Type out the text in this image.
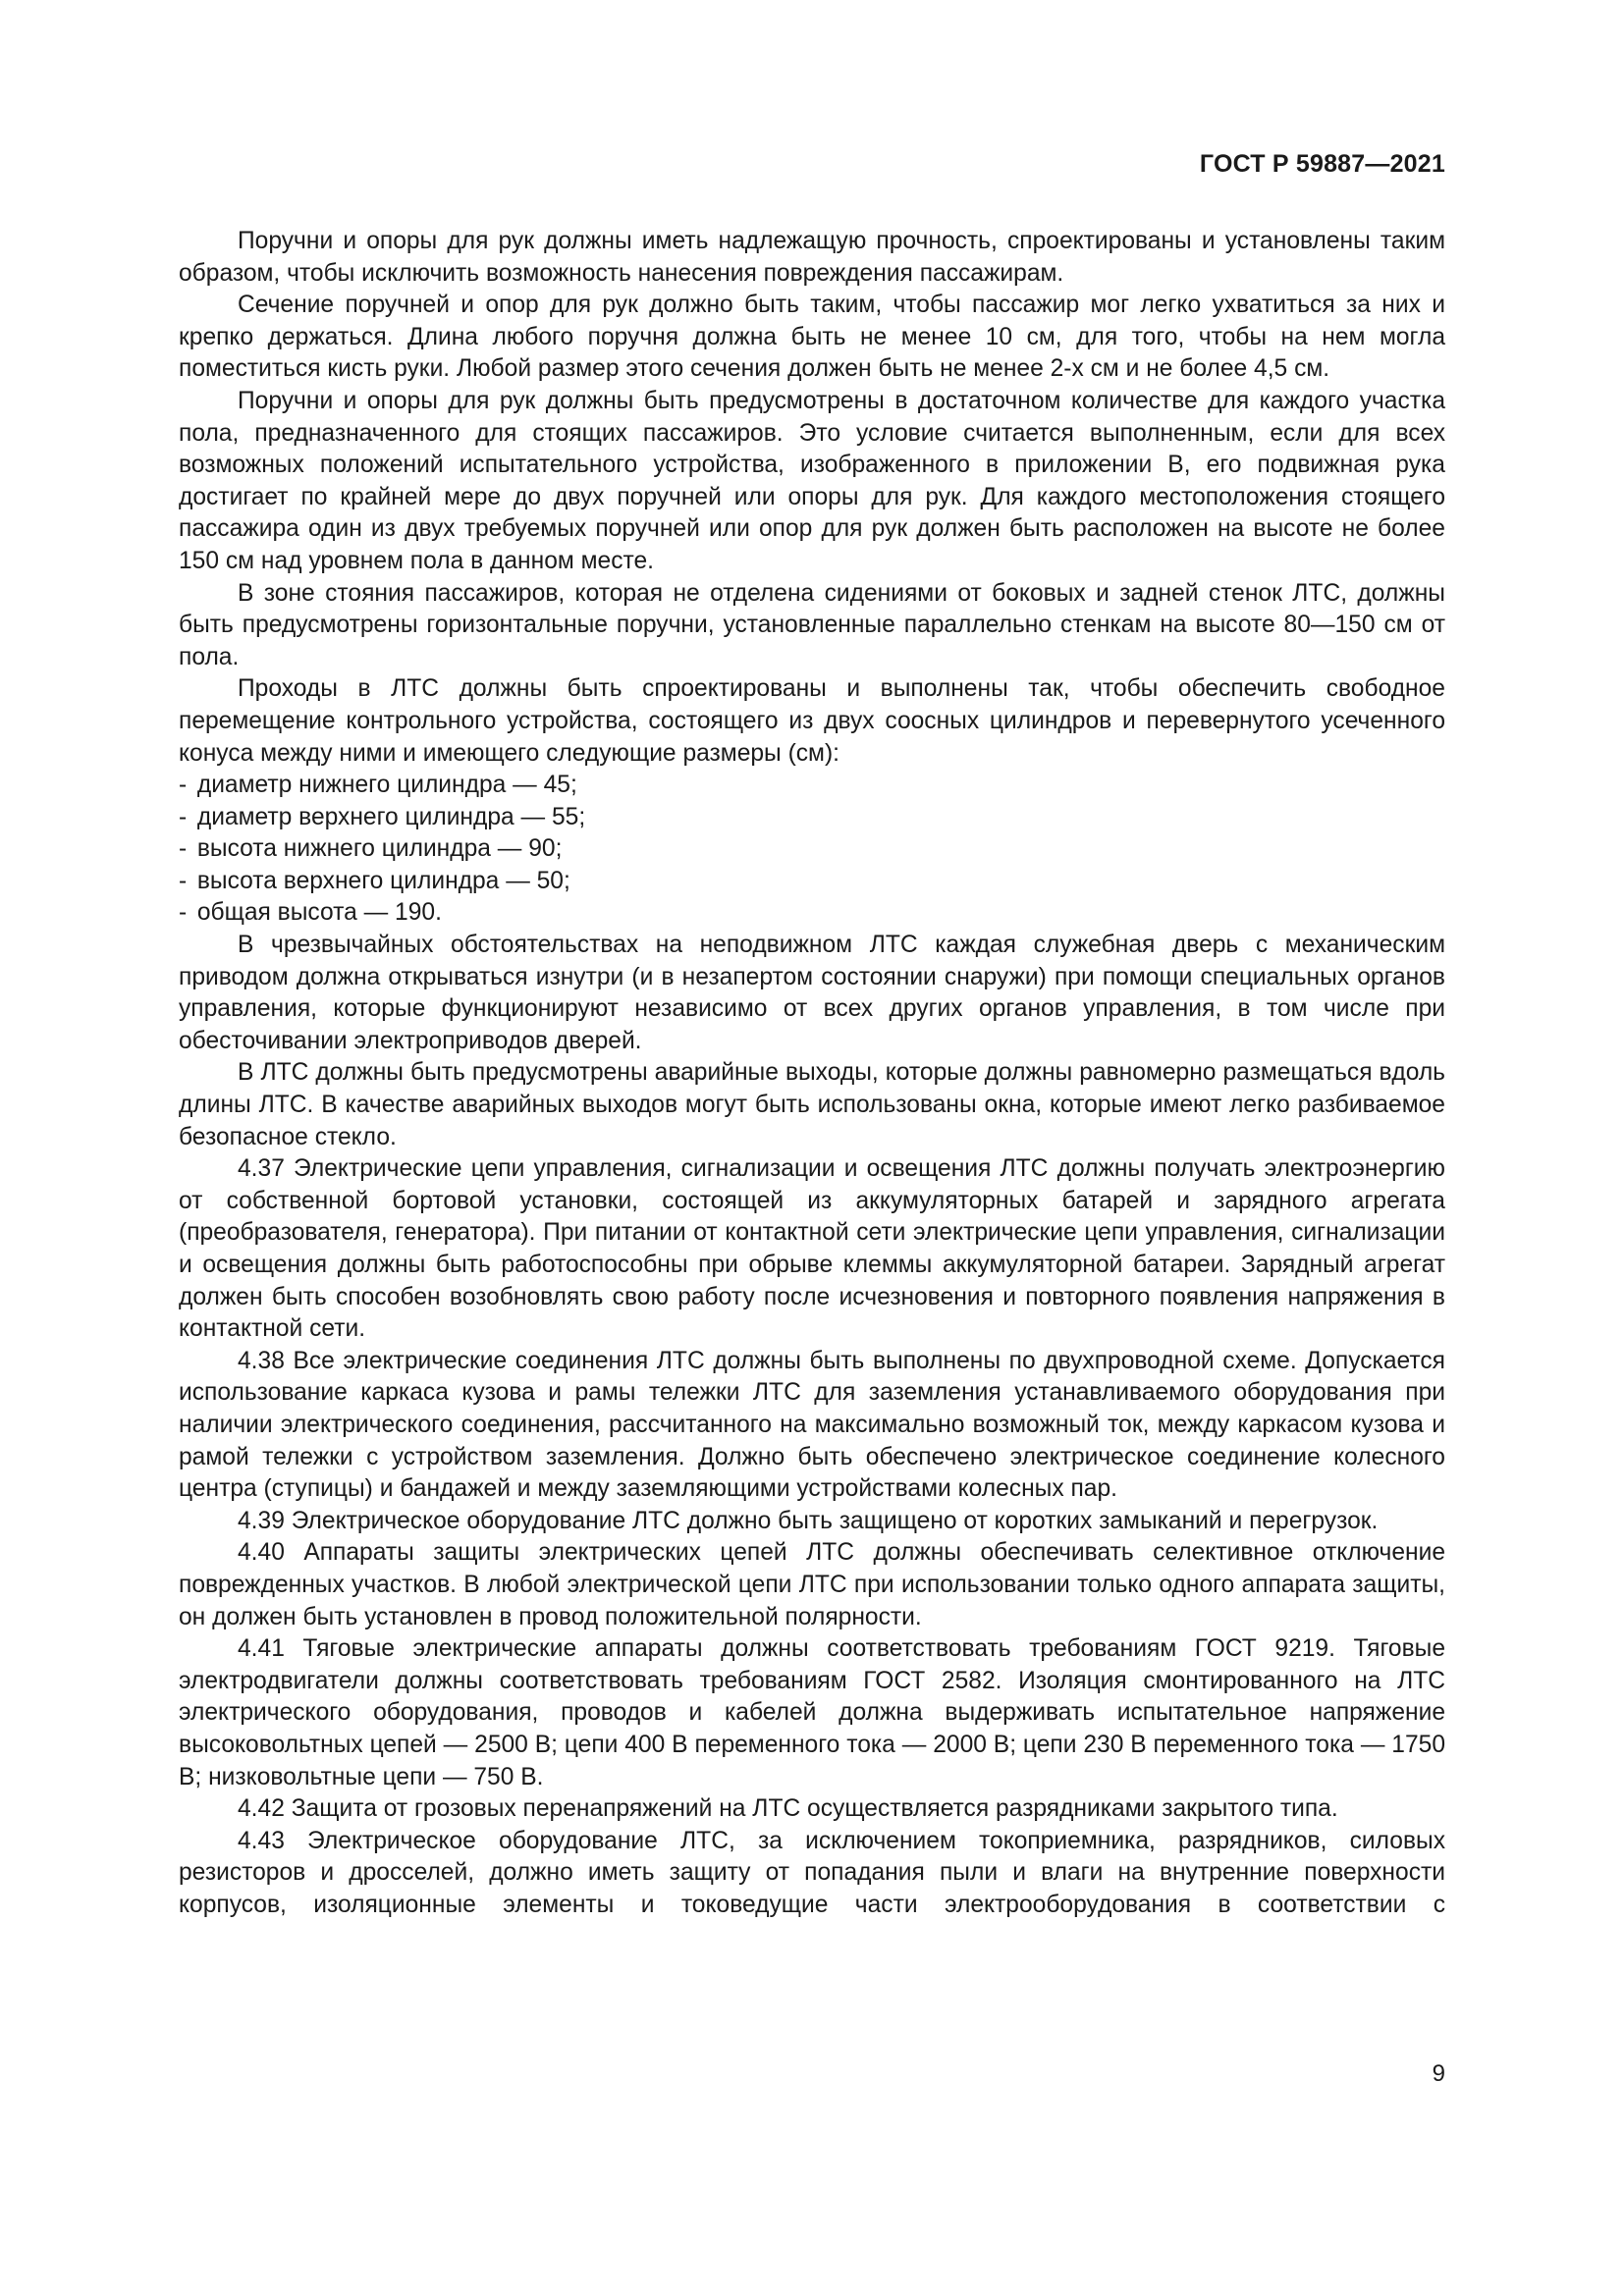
ГОСТ Р 59887—2021

Поручни и опоры для рук должны иметь надлежащую прочность, спроектированы и установлены таким образом, чтобы исключить возможность нанесения повреждения пассажирам.

Сечение поручней и опор для рук должно быть таким, чтобы пассажир мог легко ухватиться за них и крепко держаться. Длина любого поручня должна быть не менее 10 см, для того, чтобы на нем могла поместиться кисть руки. Любой размер этого сечения должен быть не менее 2-х см и не более 4,5 см.

Поручни и опоры для рук должны быть предусмотрены в достаточном количестве для каждого участка пола, предназначенного для стоящих пассажиров. Это условие считается выполненным, если для всех возможных положений испытательного устройства, изображенного в приложении В, его подвижная рука достигает по крайней мере до двух поручней или опоры для рук. Для каждого местоположения стоящего пассажира один из двух требуемых поручней или опор для рук должен быть расположен на высоте не более 150 см над уровнем пола в данном месте.

В зоне стояния пассажиров, которая не отделена сидениями от боковых и задней стенок ЛТС, должны быть предусмотрены горизонтальные поручни, установленные параллельно стенкам на высоте 80—150 см от пола.

Проходы в ЛТС должны быть спроектированы и выполнены так, чтобы обеспечить свободное перемещение контрольного устройства, состоящего из двух соосных цилиндров и перевернутого усеченного конуса между ними и имеющего следующие размеры (см):

- диаметр нижнего цилиндра — 45;
- диаметр верхнего цилиндра — 55;
- высота нижнего цилиндра — 90;
- высота верхнего цилиндра — 50;
- общая высота — 190.

В чрезвычайных обстоятельствах на неподвижном ЛТС каждая служебная дверь с механическим приводом должна открываться изнутри (и в незапертом состоянии снаружи) при помощи специальных органов управления, которые функционируют независимо от всех других органов управления, в том числе при обесточивании электроприводов дверей.

В ЛТС должны быть предусмотрены аварийные выходы, которые должны равномерно размещаться вдоль длины ЛТС. В качестве аварийных выходов могут быть использованы окна, которые имеют легко разбиваемое безопасное стекло.

4.37 Электрические цепи управления, сигнализации и освещения ЛТС должны получать электроэнергию от собственной бортовой установки, состоящей из аккумуляторных батарей и зарядного агрегата (преобразователя, генератора). При питании от контактной сети электрические цепи управления, сигнализации и освещения должны быть работоспособны при обрыве клеммы аккумуляторной батареи. Зарядный агрегат должен быть способен возобновлять свою работу после исчезновения и повторного появления напряжения в контактной сети.

4.38 Все электрические соединения ЛТС должны быть выполнены по двухпроводной схеме. Допускается использование каркаса кузова и рамы тележки ЛТС для заземления устанавливаемого оборудования при наличии электрического соединения, рассчитанного на максимально возможный ток, между каркасом кузова и рамой тележки с устройством заземления. Должно быть обеспечено электрическое соединение колесного центра (ступицы) и бандажей и между заземляющими устройствами колесных пар.

4.39 Электрическое оборудование ЛТС должно быть защищено от коротких замыканий и перегрузок.

4.40 Аппараты защиты электрических цепей ЛТС должны обеспечивать селективное отключение поврежденных участков. В любой электрической цепи ЛТС при использовании только одного аппарата защиты, он должен быть установлен в провод положительной полярности.

4.41 Тяговые электрические аппараты должны соответствовать требованиям ГОСТ 9219. Тяговые электродвигатели должны соответствовать требованиям ГОСТ 2582. Изоляция смонтированного на ЛТС электрического оборудования, проводов и кабелей должна выдерживать испытательное напряжение высоковольтных цепей — 2500 В; цепи 400 В переменного тока — 2000 В; цепи 230 В переменного тока — 1750 В; низковольтные цепи — 750 В.

4.42 Защита от грозовых перенапряжений на ЛТС осуществляется разрядниками закрытого типа.

4.43 Электрическое оборудование ЛТС, за исключением токоприемника, разрядников, силовых резисторов и дросселей, должно иметь защиту от попадания пыли и влаги на внутренние поверхности корпусов, изоляционные элементы и токоведущие части электрооборудования в соответствии с

9
